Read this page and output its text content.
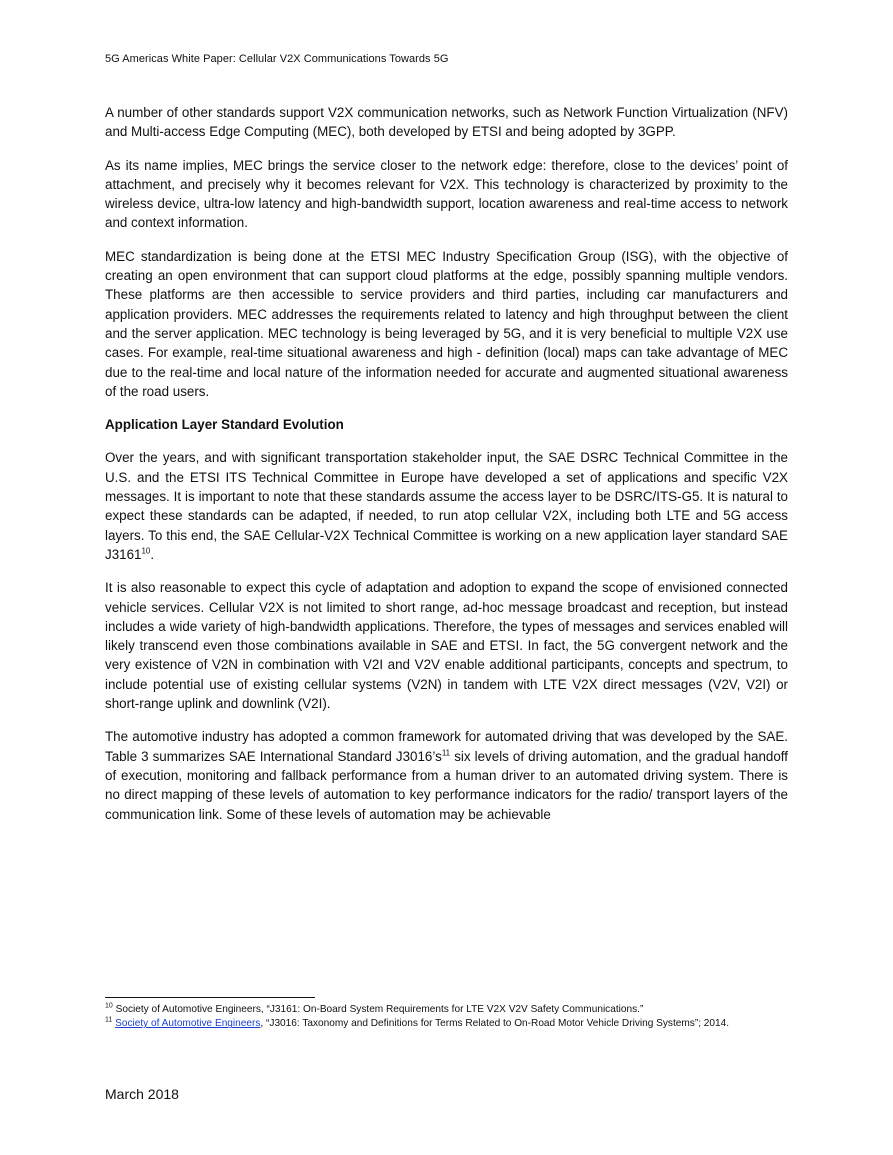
5G Americas White Paper: Cellular V2X Communications Towards 5G

A number of other standards support V2X communication networks, such as Network Function Virtualization (NFV) and Multi-access Edge Computing (MEC), both developed by ETSI and being adopted by 3GPP.

As its name implies, MEC brings the service closer to the network edge: therefore, close to the devices’ point of attachment, and precisely why it becomes relevant for V2X. This technology is characterized by proximity to the wireless device, ultra-low latency and high-bandwidth support, location awareness and real-time access to network and context information.

MEC standardization is being done at the ETSI MEC Industry Specification Group (ISG), with the objective of creating an open environment that can support cloud platforms at the edge, possibly spanning multiple vendors. These platforms are then accessible to service providers and third parties, including car manufacturers and application providers. MEC addresses the requirements related to latency and high throughput between the client and the server application. MEC technology is being leveraged by 5G, and it is very beneficial to multiple V2X use cases. For example, real-time situational awareness and high - definition (local) maps can take advantage of MEC due to the real-time and local nature of the information needed for accurate and augmented situational awareness of the road users.

Application Layer Standard Evolution

Over the years, and with significant transportation stakeholder input, the SAE DSRC Technical Committee in the U.S. and the ETSI ITS Technical Committee in Europe have developed a set of applications and specific V2X messages. It is important to note that these standards assume the access layer to be DSRC/ITS-G5. It is natural to expect these standards can be adapted, if needed, to run atop cellular V2X, including both LTE and 5G access layers. To this end, the SAE Cellular-V2X Technical Committee is working on a new application layer standard SAE J3161$^{10}$.

It is also reasonable to expect this cycle of adaptation and adoption to expand the scope of envisioned connected vehicle services. Cellular V2X is not limited to short range, ad-hoc message broadcast and reception, but instead includes a wide variety of high-bandwidth applications. Therefore, the types of messages and services enabled will likely transcend even those combinations available in SAE and ETSI. In fact, the 5G convergent network and the very existence of V2N in combination with V2I and V2V enable additional participants, concepts and spectrum, to include potential use of existing cellular systems (V2N) in tandem with LTE V2X direct messages (V2V, V2I) or short-range uplink and downlink (V2I).

The automotive industry has adopted a common framework for automated driving that was developed by the SAE. Table 3 summarizes SAE International Standard $J3016’s^{11}$ six levels of driving automation, and the gradual handoff of execution, monitoring and fallback performance from a human driver to an automated driving system. There is no direct mapping of these levels of automation to key performance indicators for the radio/ transport layers of the communication link. Some of these levels of automation may be achievable

$^{10}$ Society of Automotive Engineers, “J3161: On-Board System Requirements for LTE V2X V2V Safety Communications.”

$^{11}$ Society of Automotive Engineers, “J3016: Taxonomy and Definitions for Terms Related to On-Road Motor Vehicle Driving Systems”; 2014.

March 2018
